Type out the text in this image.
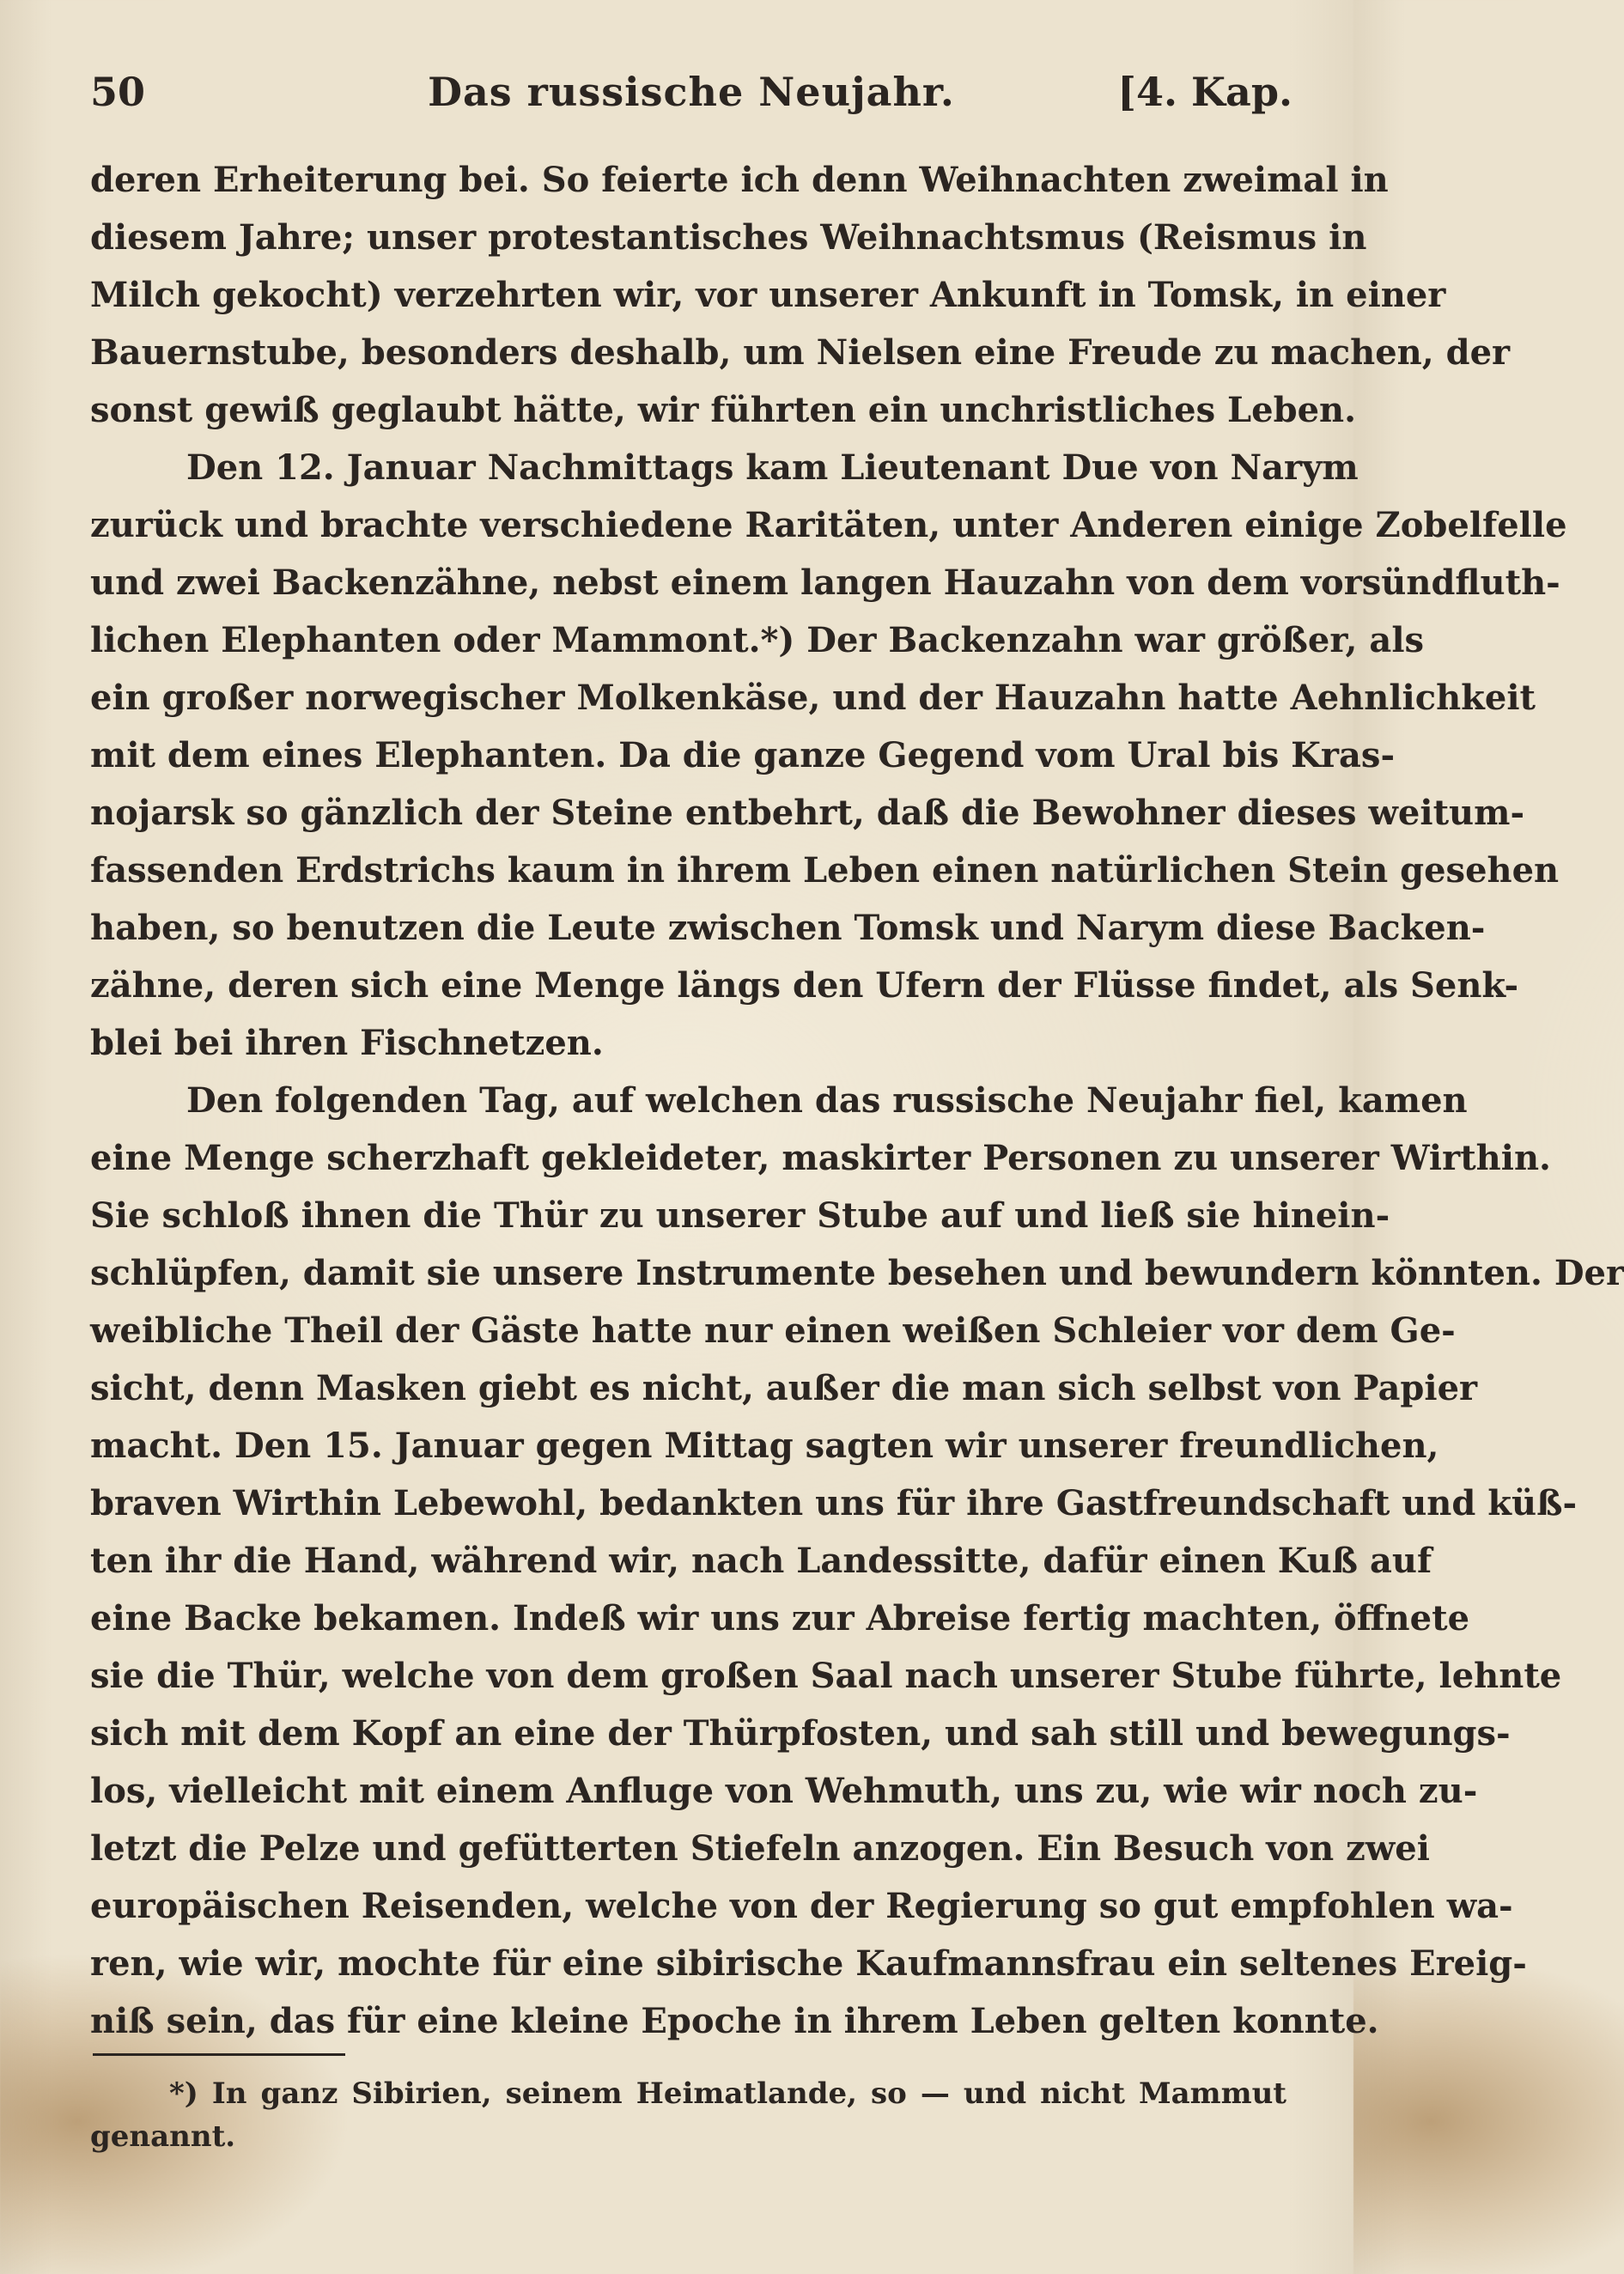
50	Das russische Neujahr.	[4. Kap.
deren Erheiterung bei. So feierte ich denn Weihnachten zweimal in
diesem Jahre; unser protestantisches Weihnachtsmus (Reismus in
Milch gekocht) verzehrten wir, vor unserer Ankunft in Tomsk, in einer
Bauernstube, besonders deshalb, um Nielsen eine Freude zu machen, der
sonst gewiß geglaubt hätte, wir führten ein unchristliches Leben.
Den 12. Januar Nachmittags kam Lieutenant Due von Narym
zurück und brachte verschiedene Raritäten, unter Anderen einige Zobelfelle
und zwei Backenzähne, nebst einem langen Hauzahn von dem vorsündfluth-
lichen Elephanten oder Mammont.*) Der Backenzahn war größer, als
ein großer norwegischer Molkenkäse, und der Hauzahn hatte Aehnlichkeit
mit dem eines Elephanten. Da die ganze Gegend vom Ural bis Kras-
nojarsk so gänzlich der Steine entbehrt, daß die Bewohner dieses weitum-
fassenden Erdstrichs kaum in ihrem Leben einen natürlichen Stein gesehen
haben, so benutzen die Leute zwischen Tomsk und Narym diese Backen-
zähne, deren sich eine Menge längs den Ufern der Flüsse findet, als Senk-
blei bei ihren Fischnetzen.
Den folgenden Tag, auf welchen das russische Neujahr fiel, kamen
eine Menge scherzhaft gekleideter, maskirter Personen zu unserer Wirthin.
Sie schloß ihnen die Thür zu unserer Stube auf und ließ sie hinein-
schlüpfen, damit sie unsere Instrumente besehen und bewundern könnten. Der
weibliche Theil der Gäste hatte nur einen weißen Schleier vor dem Ge-
sicht, denn Masken giebt es nicht, außer die man sich selbst von Papier
macht. Den 15. Januar gegen Mittag sagten wir unserer freundlichen,
braven Wirthin Lebewohl, bedankten uns für ihre Gastfreundschaft und küß-
ten ihr die Hand, während wir, nach Landessitte, dafür einen Kuß auf
eine Backe bekamen. Indeß wir uns zur Abreise fertig machten, öffnete
sie die Thür, welche von dem großen Saal nach unserer Stube führte, lehnte
sich mit dem Kopf an eine der Thürpfosten, und sah still und bewegungs-
los, vielleicht mit einem Anfluge von Wehmuth, uns zu, wie wir noch zu-
letzt die Pelze und gefütterten Stiefeln anzogen. Ein Besuch von zwei
europäischen Reisenden, welche von der Regierung so gut empfohlen wa-
ren, wie wir, mochte für eine sibirische Kaufmannsfrau ein seltenes Ereig-
niß sein, das für eine kleine Epoche in ihrem Leben gelten konnte.
*) In ganz Sibirien, seinem Heimatlande, so — und nicht Mammut
genannt.
